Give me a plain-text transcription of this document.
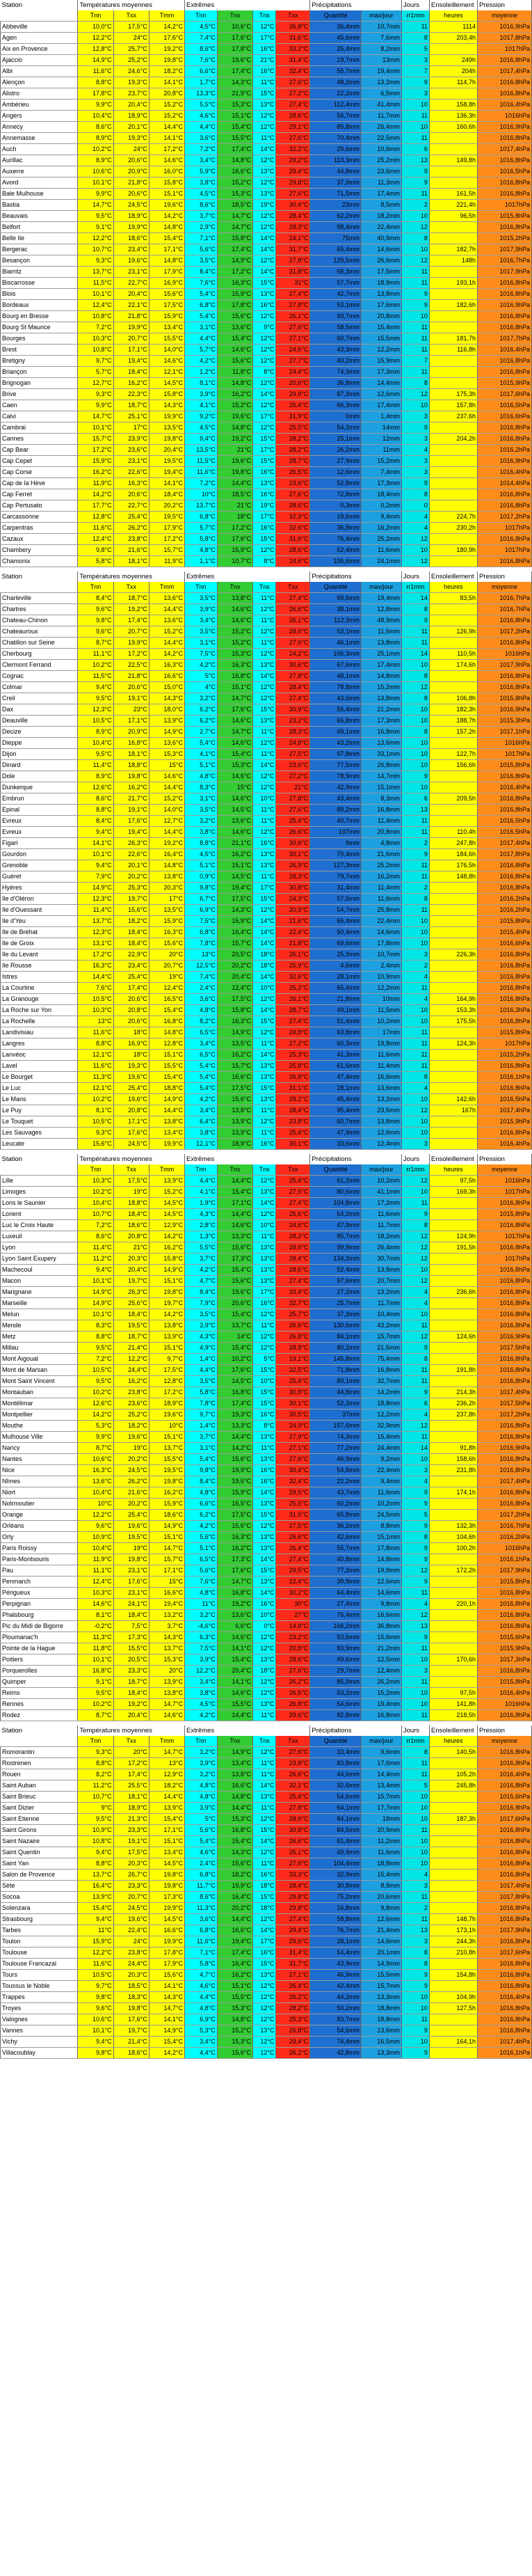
Station	Températures moyennes			Extrêmes				Précipitations		Jours	Ensoleillement	Pression
	Tnn	Txx	Tmm	Tnn	Tnx	Tnx	Txx	Quantité	max/jour	rr1mm	heures	moyenne
Abbeville	10,0°C	17,5°C	14,2°C	4,5°C	10,6°C	12°C	26,8°C	36,4mm	10,7mm	11	1114	1016,9hPa
Agen	12,2°C	24°C	17,6°C	7,4°C	17,6°C	17°C	31,6°C	45,6mm	7,6mm	8	203,4h	1017,8hPa
Aix en Provence	12,8°C	25,7°C	19,2°C	8,6°C	17,8°C	16°C	33,2°C	25,4mm	8,2mm	5		1017hPa
Ajaccio	14,9°C	25,2°C	19,8°C	7,6°C	19,6°C	21°C	31,4°C	19,7mm	13mm	3	249h	1016,8hPa
Albi	11,6°C	24,6°C	18,2°C	6,6°C	17,4°C	16°C	32,4°C	55,7mm	19,4mm	7	204h	1017,4hPa
Alençon	8,8°C	19,3°C	14,1°C	1,7°C	14,3°C	11°C	27,6°C	48,2mm	13,2mm	9	114,7h	1016,8hPa
Alistro	17,8°C	23,7°C	20,8°C	13,3°C	21,9°C	15°C	27,2°C	22,2mm	6,5mm	3		1016,8hPa
Ambérieu	9,9°C	20,4°C	15,2°C	5,5°C	15,3°C	13°C	27,4°C	112,4mm	41,4mm	10	158,8h	1016,4hPa
Angers	10,4°C	18,9°C	15,2°C	4,6°C	15,1°C	12°C	28,6°C	56,7mm	11,7mm	11	136,3h	1016hPa
Annecy	8,6°C	20,1°C	14,4°C	4,4°C	15,4°C	12°C	29,1°C	85,8mm	26,4mm	10	160,6h	1016,9hPa
Annemasse	8,9°C	19,3°C	14,1°C	3,6°C	15,5°C	11°C	27,6°C	70,4mm	22,5mm	11		1016,8hPa
Auch	10,2°C	24°C	17,2°C	7,2°C	17,4°C	14°C	32,2°C	29,6mm	10,6mm	6		1017,4hPa
Aurillac	8,9°C	20,6°C	14,6°C	3,4°C	14,8°C	12°C	29,2°C	113,3mm	25,2mm	13	149,8h	1016,8hPa
Auxerre	10,6°C	20,9°C	16,0°C	5,9°C	16,6°C	13°C	29,4°C	44,8mm	23,6mm	9		1016,5hPa
Avord	10,1°C	21,8°C	15,8°C	3,8°C	15,2°C	12°C	29,8°C	37,9mm	11,3mm	9		1016,8hPa
Bale Mulhouse	9,9°C	20,6°C	15,1°C	4,5°C	15,3°C	13°C	27,6°C	71,5mm	17,4mm	11	161,5h	1016,8hPa
Bastia	14,7°C	24,5°C	19,6°C	8,6°C	18,5°C	19°C	30,4°C	23mm	8,5mm	2	221,4h	1017hPa
Beauvais	9,5°C	18,9°C	14,2°C	3,7°C	14,7°C	12°C	28,4°C	62,2mm	18,2mm	10	96,5h	1015,8hPa
Belfort	9,1°C	19,9°C	14,8°C	2,9°C	14,7°C	12°C	28,3°C	98,4mm	22,4mm	12		1016,8hPa
Belle Ile	12,2°C	18,6°C	15,4°C	7,1°C	15,8°C	14°C	24,1°C	75mm	40,9mm	8		1015,2hPa
Bergerac	10,7°C	23,4°C	17,1°C	5,6°C	17,4°C	14°C	31,7°C	65,4mm	14,6mm	10	182,7h	1017,9hPa
Besançon	9,3°C	19,6°C	14,8°C	3,5°C	14,9°C	12°C	27,8°C	129,5mm	26,6mm	12	148h	1016,7hPa
Biarritz	13,7°C	23,1°C	17,9°C	8,4°C	17,2°C	14°C	31,8°C	68,3mm	17,5mm	11		1017,9hPa
Biscarrosse	11,5°C	22,7°C	16,9°C	7,6°C	16,3°C	15°C	31°C	57,7mm	18,9mm	11	193,1h	1016,8hPa
Blois	10,1°C	20,4°C	15,6°C	5,4°C	15,9°C	13°C	27,4°C	42,7mm	13,8mm	9		1016,8hPa
Bordeaux	12,4°C	22,1°C	17,5°C	6,8°C	17,8°C	16°C	27,8°C	53,1mm	17,6mm	9	182,6h	1016,9hPa
Bourg en Bresse	10,8°C	21,8°C	15,9°C	5,4°C	15,6°C	12°C	26,1°C	93,7mm	20,8mm	10		1016,8hPa
Bourg St Maurice	7,2°C	19,9°C	13,4°C	3,1°C	13,6°C	9°C	27,6°C	58,5mm	15,4mm	11		1016,8hPa
Bourges	10,3°C	20,7°C	15,5°C	4,4°C	15,4°C	12°C	27,1°C	60,7mm	15,5mm	11	181,7h	1017,7hPa
Brest	10,8°C	17,1°C	14,0°C	5,7°C	14,6°C	12°C	24,6°C	43,3mm	12,2mm	11	116,8h	1016,4hPa
Bretigny	9,7°C	19,4°C	14,6°C	4,2°C	15,6°C	12°C	27,7°C	40,2mm	15,9mm	7		1016,8hPa
Briançon	5,7°C	18,4°C	12,1°C	1,2°C	11,8°C	8°C	24,4°C	74,9mm	17,3mm	11		1016,8hPa
Brignogan	12,7°C	16,2°C	14,5°C	8,1°C	14,8°C	12°C	20,6°C	36,8mm	14,4mm	8		1015,9hPa
Brive	9,3°C	22,3°C	15,8°C	3,9°C	16,2°C	14°C	29,9°C	87,3mm	12,6mm	12	175,3h	1017,6hPa
Caen	9,9°C	18,7°C	14,3°C	4,1°C	15,2°C	12°C	25,4°C	66,3mm	17,4mm	10	157,8h	1016,5hPa
Calvi	14,7°C	25,1°C	19,9°C	9,2°C	19,6°C	17°C	31,9°C	0mm	1,4mm	3	237,6h	1016,6hPa
Cambrai	10,1°C	17°C	13,5°C	4,5°C	14,8°C	12°C	25,5°C	54,2mm	14mm	9		1016,8hPa
Cannes	15,7°C	23,9°C	19,8°C	9,4°C	19,2°C	15°C	28,2°C	25,1mm	12mm	3	204,2h	1016,8hPa
Cap Bear	17,2°C	23,6°C	20,4°C	13,5°C	21°C	17°C	28,2°C	26,2mm	11mm	4		1016,2hPa
Cap Cepet	15,9°C	23,1°C	19,5°C	11,5°C	19,6°C	15°C	28,7°C	27,9mm	15,2mm	3		1016,9hPa
Cap Corse	16,2°C	22,6°C	19,4°C	11,6°C	19,8°C	16°C	26,5°C	12,6mm	7,4mm	3		1016,4hPa
Cap de la Hève	11,9°C	16,3°C	14,1°C	7,2°C	14,4°C	13°C	23,6°C	52,8mm	17,3mm	9		1014,4hPa
Cap Ferret	14,2°C	20,6°C	18,4°C	10°C	18,5°C	16°C	27,6°C	72,8mm	18,4mm	8		1016,8hPa
Cap Pertusato	17,7°C	22,7°C	20,2°C	13,7°C	21°C	19°C	28,6°C	0,3mm	0,2mm	0		1016,8hPa
Carcassonne	12,8°C	25,4°C	19,5°C	6,8°C	18°C	17°C	32,3°C	19,6mm	9,4mm	4	224,7h	1017,2hPa
Carpentras	11,6°C	26,2°C	17,9°C	5,7°C	17,2°C	16°C	32,6°C	36,8mm	16,2mm	4	230,2h	1017hPa
Cazaux	12,4°C	23,8°C	17,2°C	5,8°C	17,6°C	15°C	31,6°C	76,4mm	25,2mm	12		1016,8hPa
Chambery	9,8°C	21,6°C	15,7°C	4,8°C	15,9°C	12°C	28,6°C	52,4mm	11,6mm	10	180,9h	1017hPa
Chamonix	5,8°C	18,1°C	11,9°C	1,1°C	10,7°C	8°C	24,6°C	106,6mm	24,1mm	12		1016,8hPa
Station	Températures moyennes			Extrêmes				Précipitations		Jours	Ensoleillement	Pression
	Tnn	Txx	Tmm	Tnn	Tnx	Tnx	Txx	Quantité	max/jour	rr1mm	heures	moyenne
Charleville	8,4°C	18,7°C	13,6°C	3,5°C	13,8°C	11°C	27,4°C	69,6mm	19,4mm	14	83,5h	1016,7hPa
Chartres	9,6°C	19,2°C	14,4°C	3,9°C	14,6°C	12°C	26,6°C	38,1mm	12,8mm	8		1016,7hPa
Chateau-Chinon	9,8°C	17,4°C	13,6°C	3,4°C	14,6°C	11°C	26,1°C	112,3mm	48,9mm	9		1016,8hPa
Chateauroux	9,6°C	20,7°C	15,2°C	3,5°C	15,2°C	12°C	28,6°C	53,1mm	11,6mm	11	126,9h	1017,2hPa
Chatillon sur Seine	8,7°C	19,9°C	14,4°C	3,1°C	15,2°C	11°C	27,6°C	46,1mm	13,8mm	11		1016,8hPa
Cherbourg	11,1°C	17,2°C	14,2°C	7,5°C	15,3°C	12°C	24,2°C	106,3mm	25,1mm	14	110,5h	1016hPa
Clermont Ferrand	10,2°C	22,5°C	16,3°C	4,2°C	16,3°C	13°C	30,6°C	67,6mm	17,4mm	10	174,6h	1017,9hPa
Cognac	11,5°C	21,8°C	16,6°C	5°C	16,8°C	14°C	27,8°C	48,1mm	14,8mm	8		1016,8hPa
Colmar	9,4°C	20,6°C	15,0°C	4°C	15,1°C	12°C	28,4°C	78,8mm	15,2mm	12		1016,8hPa
Creil	9,5°C	19,1°C	14,3°C	3,2°C	14,7°C	12°C	27,4°C	43,6mm	13,8mm	8	106,8h	1015,8hPa
Dax	12,3°C	23°C	18,0°C	6,2°C	17,6°C	15°C	30,9°C	56,4mm	21,2mm	10	182,3h	1016,9hPa
Deauville	10,5°C	17,1°C	13,9°C	6,2°C	14,6°C	13°C	23,2°C	66,8mm	17,3mm	10	188,7h	1015,3hPa
Decize	8,9°C	20,9°C	14,9°C	2,7°C	14,7°C	11°C	28,3°C	49,1mm	16,8mm	8	157,2h	1017,1hPa
Dieppe	10,4°C	16,8°C	13,6°C	5,4°C	14,6°C	12°C	24,8°C	43,2mm	13,6mm	10		1016hPa
Dijon	9,5°C	18,1°C	15,3°C	4,1°C	15,4°C	11°C	27,5°C	97,8mm	33,1mm	10	122,7h	1017hPa
Dinard	11,4°C	18,8°C	15°C	5,1°C	15,3°C	14°C	23,6°C	77,5mm	26,8mm	10	156,6h	1015,8hPa
Dole	8,9°C	19,8°C	14,6°C	4,8°C	14,6°C	12°C	27,2°C	78,9mm	14,7mm	9		1016,8hPa
Dunkerque	12,6°C	16,2°C	14,4°C	8,3°C	15°C	12°C	21°C	42,9mm	15,1mm	10		1016,4hPa
Embrun	8,6°C	21,7°C	15,2°C	3,1°C	14,6°C	10°C	27,8°C	43,4mm	8,3mm	6	209,5h	1016,8hPa
Epinal	8,8°C	19,1°C	14,0°C	3,5°C	14,5°C	11°C	27,6°C	89,2mm	16,8mm	13		1016,8hPa
Evreux	8,4°C	17,6°C	12,7°C	3,2°C	13,6°C	11°C	25,4°C	40,7mm	11,4mm	11		1016,5hPa
Evreux	9,4°C	19,4°C	14,4°C	3,8°C	14,6°C	12°C	26,6°C	107mm	20,8mm	11	110,4h	1016,5hPa
Figari	14,1°C	26,3°C	19,2°C	8,8°C	21,1°C	16°C	30,6°C	9mm	4,8mm	2	247,8h	1017,4hPa
Gourdon	10,1°C	22,6°C	16,4°C	4,5°C	16,2°C	13°C	30,1°C	70,4mm	21,6mm	9	184,6h	1017,8hPa
Grenoble	9,4°C	20,1°C	14,8°C	5,1°C	15,1°C	13°C	26,9°C	127,3mm	25,2mm	11	176,5h	1016,8hPa
Guéret	7,9°C	20,2°C	13,8°C	0,9°C	14,5°C	11°C	28,3°C	79,7mm	16,2mm	11	148,8h	1016,8hPa
Hyères	14,9°C	25,3°C	20,3°C	9,8°C	19,4°C	17°C	30,8°C	31,4mm	11,4mm	2		1016,8hPa
Ile d'Oléron	12,3°C	19,7°C	17°C	6,7°C	17,5°C	15°C	24,3°C	57,5mm	11,6mm	8		1016,2hPa
Ile d'Ouessant	11,4°C	15,6°C	13,5°C	6,9°C	14,3°C	12°C	20,9°C	54,7mm	25,8mm	11		1016,2hPa
Ile d'Yeu	13,7°C	18,2°C	15,9°C	7,5°C	15,9°C	14°C	21,6°C	66,4mm	22,4mm	10		1015,8hPa
Ile de Bréhat	12,3°C	18,4°C	16,3°C	6,8°C	16,4°C	14°C	22,4°C	50,4mm	14,6mm	10		1015,4hPa
Ile de Groix	13,1°C	18,4°C	15,6°C	7,8°C	15,7°C	14°C	21,8°C	69,6mm	17,8mm	10		1016,6hPa
Ile du Levant	17,2°C	22,9°C	20°C	13°C	20,5°C	18°C	26,1°C	25,3mm	10,7mm	3	226,3h	1016,8hPa
Ile Rousse	16,3°C	23,4°C	20,7°C	12,5°C	20,2°C	18°C	25,9°C	4,6mm	2,4mm	2		1016,8hPa
Istres	14,4°C	25,4°C	19°C	7,4°C	20,4°C	14°C	32,6°C	28,1mm	10,9mm	4		1016,8hPa
La Courtine	7,6°C	17,4°C	12,4°C	2,4°C	12,4°C	10°C	25,2°C	65,4mm	12,2mm	11		1016,8hPa
La Granouge	10,5°C	20,6°C	16,5°C	3,6°C	17,5°C	12°C	26,1°C	21,8mm	10mm	4	164,9h	1016,8hPa
La Roche sur Yon	10,3°C	20,8°C	15,4°C	4,8°C	15,8°C	14°C	28,7°C	49,1mm	11,5mm	10	153,3h	1016,3hPa
La Rochelle	13°C	20,6°C	16,8°C	8,2°C	16,3°C	15°C	27,4°C	51,4mm	10,2mm	10	175,5h	1016,8hPa
Landivisiau	11,6°C	18°C	14,8°C	6,5°C	14,9°C	12°C	24,8°C	63,8mm	17mm	11		1015,8hPa
Langres	8,8°C	16,9°C	12,8°C	3,4°C	13,5°C	11°C	27,2°C	60,3mm	19,8mm	11	124,3h	1017hPa
Lanvéoc	12,1°C	18°C	15,1°C	6,5°C	16,2°C	14°C	25,3°C	41,3mm	11,6mm	11		1015,2hPa
Lavel	11,6°C	19,3°C	15,5°C	5,4°C	15,7°C	13°C	25,8°C	61,6mm	11,4mm	11		1016,8hPa
Le Bourget	11,3°C	19,6°C	15,4°C	5,4°C	16,6°C	13°C	26,8°C	47,4mm	16,6mm	8		1016,1hPa
Le Luc	12,1°C	25,4°C	18,8°C	5,4°C	17,5°C	15°C	31,1°C	28,1mm	13,6mm	4		1016,8hPa
Le Mans	10,2°C	19,6°C	14,9°C	4,2°C	15,6°C	13°C	28,2°C	45,4mm	13,2mm	10	142,6h	1016,5hPa
Le Puy	8,1°C	20,8°C	14,4°C	3,4°C	13,8°C	11°C	28,4°C	95,4mm	23,5mm	12	167h	1017,4hPa
Le Touquet	10,5°C	17,1°C	13,8°C	6,4°C	13,9°C	12°C	23,8°C	60,7mm	13,8mm	10		1015,9hPa
Les Sauvages	9,3°C	17,6°C	13,4°C	3,8°C	13,9°C	11°C	25,4°C	47,9mm	12,6mm	10		1016,8hPa
Leucate	15,6°C	24,5°C	19,9°C	12,1°C	18,9°C	16°C	30,1°C	33,6mm	12,4mm	3		1016,4hPa
Station	Températures moyennes			Extrêmes				Précipitations		Jours	Ensoleillement	Pression
	Tnn	Txx	Tmm	Tnn	Tnx	Tnx	Txx	Quantité	max/jour	rr1mm	heures	moyenne
Lille	10,3°C	17,5°C	13,9°C	4,4°C	14,4°C	12°C	25,4°C	61,2mm	10,2mm	12	97,5h	1016hPa
Limoges	10,2°C	19°C	15,2°C	4,1°C	15,4°C	13°C	27,5°C	80,6mm	41,1mm	10	169,3h	1017hPa
Lons le Saunier	10,4°C	18,8°C	14,5°C	1,9°C	17,1°C	14°C	27,4°C	104,8mm	17,2mm	11		1016,8hPa
Lorient	10,7°C	18,4°C	14,5°C	4,3°C	14,4°C	12°C	25,6°C	54,2mm	11,6mm	9		1015,8hPa
Luc le Croix Haute	7,2°C	18,6°C	12,9°C	2,8°C	14,6°C	10°C	24,6°C	47,9mm	11,7mm	8		1016,8hPa
Luxeuil	8,6°C	20,8°C	14,2°C	1,3°C	13,3°C	11°C	28,2°C	85,7mm	18,2mm	12	124,9h	1017hPa
Lyon	11,4°C	21°C	16,2°C	5,5°C	15,6°C	13°C	28,6°C	99,9mm	26,4mm	12	191,5h	1016,8hPa
Lyon Saint Exupery	11,2°C	20,3°C	15,8°C	3,7°C	17,3°C	13°C	28,4°C	134,2mm	30,7mm	12		1017hPa
Machecoul	9,4°C	20,4°C	14,9°C	4,2°C	15,4°C	13°C	28,6°C	52,4mm	13,8mm	10		1016,8hPa
Macon	10,1°C	19,7°C	15,1°C	4,7°C	15,6°C	13°C	27,4°C	97,6mm	20,7mm	12		1016,8hPa
Marignane	14,9°C	26,3°C	19,8°C	8,4°C	19,6°C	17°C	33,4°C	27,2mm	13,2mm	4	236,6h	1016,8hPa
Marseille	14,9°C	25,6°C	19,7°C	7,9°C	20,6°C	16°C	32,7°C	25,7mm	11,7mm	4		1016,8hPa
Melun	10,1°C	18,4°C	14,2°C	3,5°C	15,4°C	12°C	25,7°C	37,3mm	10,4mm	10		1016,8hPa
Mende	8,3°C	19,5°C	13,8°C	3,9°C	13,7°C	11°C	26,6°C	130,6mm	43,2mm	11		1016,8hPa
Metz	8,8°C	18,7°C	13,9°C	4,3°C	14°C	12°C	26,8°C	84,1mm	15,7mm	12	124,6h	1016,9hPa
Millau	9,5°C	21,4°C	15,1°C	4,9°C	15,4°C	12°C	28,8°C	80,2mm	21,5mm	9		1017,5hPa
Mont Aigoual	7,2°C	12,2°C	9,7°C	1,4°C	10,2°C	5°C	19,1°C	145,8mm	75,4mm	8		1016,8hPa
Mont de Marsan	10,5°C	24,4°C	17,5°C	4,4°C	17,6°C	15°C	32,5°C	71,8mm	16,8mm	11	191,8h	1016,8hPa
Mont Saint Vincent	9,5°C	16,2°C	12,8°C	3,5°C	14,5°C	10°C	25,4°C	89,1mm	32,7mm	11		1016,8hPa
Montauban	10,2°C	23,8°C	17,2°C	5,8°C	16,8°C	15°C	30,8°C	44,8mm	14,2mm	9	214,3h	1017,4hPa
Montélimar	12,6°C	23,6°C	18,9°C	7,8°C	17,4°C	15°C	30,1°C	52,2mm	18,8mm	6	236,2h	1017,5hPa
Montpellier	14,2°C	25,2°C	19,6°C	9,7°C	19,3°C	16°C	30,5°C	37mm	12,2mm	4	237,8h	1017,2hPa
Mouthe	5,3°C	18,2°C	10°C	1,4°C	13,3°C	8°C	24,9°C	157,6mm	32,9mm	12		1016,8hPa
Mulhouse Ville	9,9°C	19,6°C	15,1°C	3,7°C	14,4°C	13°C	27,9°C	74,3mm	15,4mm	11		1016,8hPa
Nancy	8,7°C	19°C	13,7°C	3,1°C	14,2°C	11°C	27,1°C	77,2mm	24,4mm	14	91,8h	1016,9hPa
Nantes	10,6°C	20,2°C	15,5°C	5,4°C	15,6°C	13°C	27,6°C	46,9mm	9,2mm	10	158,6h	1016,8hPa
Nice	16,3°C	24,5°C	19,5°C	9,8°C	19,9°C	16°C	30,4°C	54,8mm	22,4mm	3	231,8h	1016,8hPa
Nîmes	13,6°C	26,2°C	19,8°C	8,4°C	19,5°C	16°C	32,4°C	22,2mm	9,4mm	4		1017,4hPa
Niort	10,4°C	21,6°C	16,2°C	4,8°C	15,9°C	14°C	29,5°C	43,7mm	11,6mm	9	174,1h	1016,8hPa
Nolrmoutier	10°C	20,2°C	15,9°C	6,6°C	16,5°C	13°C	25,5°C	60,2mm	10,2mm	9		1016,8hPa
Orange	12,2°C	25,4°C	18,6°C	6,2°C	17,5°C	15°C	31,5°C	65,8mm	24,5mm	5		1017,2hPa
Orléans	9,6°C	19,6°C	14,9°C	4,2°C	15,6°C	12°C	27,5°C	36,2mm	8,8mm	9	132,3h	1016,7hPa
Orly	10,9°C	19,5°C	15,1°C	5,6°C	16,3°C	13°C	26,6°C	42,6mm	15,1mm	8	104,6h	1016,2hPa
Paris Roissy	10,4°C	19°C	14,7°C	5,1°C	16,2°C	13°C	26,4°C	55,7mm	17,8mm	9	100,2h	1016hPa
Paris-Montsouris	11,9°C	19,8°C	15,7°C	6,5°C	17,3°C	14°C	27,4°C	40,8mm	14,8mm	9		1016,1hPa
Pau	11,1°C	23,1°C	17,1°C	5,6°C	17,6°C	15°C	29,5°C	77,2mm	19,9mm	12	172,2h	1017,9hPa
Penmarch	12,4°C	17,6°C	15°C	7,6°C	14,7°C	13°C	22,4°C	39,9mm	12,6mm	9		1015,8hPa
Périgueux	10,3°C	23,1°C	16,6°C	4,8°C	16,8°C	14°C	30,2°C	64,4mm	14,6mm	11		1016,8hPa
Perpignan	14,6°C	24,1°C	19,4°C	11°C	19,2°C	16°C	30°C	27,4mm	9,8mm	4	220,1h	1016,8hPa
Phalsbourg	8,1°C	18,4°C	13,2°C	3,2°C	13,6°C	10°C	27°C	76,4mm	16,6mm	12		1016,8hPa
Pic du Midi de Bigorre	-0,2°C	7,5°C	3,7°C	-4,6°C	6,6°C	0°C	14,8°C	166,2mm	36,8mm	13		1016,8hPa
Ploumanac'h	11,3°C	17,3°C	14,3°C	6,3°C	14,6°C	12°C	23,2°C	53,6mm	15,6mm	9		1015,6hPa
Pointe de la Hague	11,8°C	15,5°C	13,7°C	7,5°C	14,1°C	12°C	20,8°C	83,9mm	21,2mm	11		1015,9hPa
Poitiers	10,1°C	20,5°C	15,3°C	3,9°C	15,4°C	13°C	28,6°C	49,6mm	12,5mm	10	170,6h	1017,3hPa
Porquerolles	16,8°C	23,3°C	20°C	12,2°C	20,4°C	18°C	27,6°C	29,7mm	12,4mm	3		1016,8hPa
Quimper	9,1°C	18,7°C	13,9°C	3,4°C	14,1°C	12°C	26,2°C	85,9mm	26,2mm	11		1015,8hPa
Reims	9,5°C	18,4°C	13,8°C	3,8°C	14,6°C	12°C	26,5°C	53,2mm	15,2mm	10	97,5h	1016,4hPa
Rennes	10,2°C	19,2°C	14,7°C	4,5°C	15,5°C	13°C	26,8°C	54,6mm	19,4mm	10	141,8h	1016hPa
Rodez	8,7°C	20,4°C	14,6°C	4,2°C	14,4°C	11°C	29,6°C	82,8mm	16,8mm	11	218,5h	1016,8hPa
Station	Températures moyennes			Extrêmes				Précipitations		Jours	Ensoleillement	Pression
	Tnn	Txx	Tmm	Tnn	Tnx	Tnx	Txx	Quantité	max/jour	rr1mm	heures	moyenne
Romorantin	9,3°C	20°C	14,7°C	3,2°C	14,9°C	12°C	27,6°C	33,4mm	9,6mm	8	140,5h	1016,8hPa
Rostrenen	8,8°C	17,2°C	13°C	3,9°C	13,4°C	11°C	23,8°C	83,8mm	17,6mm	11		1016,8hPa
Rouen	8,2°C	17,4°C	12,9°C	3,2°C	13,8°C	11°C	26,6°C	44,6mm	14,4mm	11	105,2h	1016,4hPa
Saint Auban	11,2°C	25,5°C	18,2°C	4,8°C	16,6°C	14°C	32,1°C	32,6mm	13,4mm	5	245,8h	1016,8hPa
Saint Brieuc	10,7°C	18,1°C	14,4°C	4,8°C	14,8°C	13°C	25,4°C	54,6mm	15,7mm	10		1015,6hPa
Saint Dizier	9°C	18,9°C	13,9°C	3,9°C	14,4°C	11°C	27,8°C	64,1mm	17,7mm	10		1016,8hPa
Saint Etienne	9,5°C	21,3°C	15,4°C	5°C	15,3°C	12°C	28,6°C	84,1mm	18mm	10	187,3h	1017,6hPa
Saint Girons	10,9°C	23,3°C	17,1°C	5,6°C	16,8°C	15°C	30,8°C	84,5mm	20,9mm	11		1016,8hPa
Saint Nazaire	10,8°C	19,1°C	15,1°C	5,4°C	15,4°C	14°C	26,6°C	61,4mm	11,2mm	10		1016,8hPa
Saint Quentin	9,4°C	17,5°C	13,4°C	4,6°C	14,3°C	12°C	25,1°C	49,9mm	11,6mm	10		1016,8hPa
Saint Yan	8,8°C	20,3°C	14,5°C	2,4°C	15,6°C	11°C	27,6°C	104,4mm	18,8mm	10		1016,8hPa
Salon de Provence	13,7°C	26,7°C	19,8°C	6,8°C	18,2°C	16°C	33,3°C	32,9mm	15,4mm	4		1016,8hPa
Sète	16,4°C	23,3°C	19,8°C	11,7°C	19,9°C	18°C	28,4°C	30,8mm	8,8mm	3		1017,4hPa
Socoa	13,9°C	20,7°C	17,3°C	8,6°C	16,4°C	15°C	29,8°C	75,2mm	20,6mm	11		1017,8hPa
Solenzara	15,4°C	24,5°C	19,9°C	11,3°C	20,2°C	18°C	29,8°C	16,8mm	9,8mm	2		1016,8hPa
Strasbourg	9,4°C	19,6°C	14,5°C	3,6°C	14,4°C	12°C	27,4°C	58,8mm	12,6mm	11	148,7h	1016,8hPa
Tarbes	11°C	22,4°C	16,6°C	6,8°C	16,6°C	14°C	29,4°C	76,7mm	21,4mm	13	173,1h	1017,9hPa
Toulon	15,9°C	24°C	19,9°C	11,6°C	19,4°C	17°C	29,6°C	28,1mm	14,6mm	3	244,3h	1016,8hPa
Toulouse	12,2°C	23,8°C	17,8°C	7,1°C	17,4°C	16°C	31,4°C	54,4mm	20,1mm	8	210,8h	1017,6hPa
Toulouse Francazal	11,6°C	24,4°C	17,9°C	5,8°C	16,4°C	15°C	31,7°C	43,9mm	14,9mm	8		1016,8hPa
Tours	10,5°C	20,3°C	15,6°C	4,7°C	16,2°C	13°C	27,1°C	46,9mm	15,5mm	9	154,8h	1016,8hPa
Toussus le Noble	9,7°C	18,5°C	14,1°C	4,6°C	15,1°C	12°C	26,4°C	42,4mm	15,7mm	9		1016,8hPa
Trappes	9,8°C	18,3°C	14,3°C	4,4°C	15,5°C	12°C	26,2°C	44,2mm	13,3mm	10	104,9h	1016,4hPa
Troyes	9,6°C	19,8°C	14,7°C	4,8°C	15,3°C	12°C	28,2°C	50,2mm	18,8mm	10	127,5h	1016,8hPa
Valognes	10,6°C	17,6°C	14,1°C	6,9°C	14,8°C	12°C	25,3°C	83,7mm	18,8mm	11		1016,8hPa
Vannes	10,1°C	19,7°C	14,9°C	5,3°C	15,2°C	13°C	26,8°C	54,6mm	13,6mm	9		1016,8hPa
Vichy	9,4°C	21,4°C	15,4°C	3,4°C	15,3°C	12°C	29,4°C	74,4mm	16,5mm	10	164,1h	1017,4hPa
Villacoublay	9,8°C	18,6°C	14,2°C	4,4°C	15,6°C	12°C	26,2°C	42,8mm	13,3mm	9		1016,1hPa
